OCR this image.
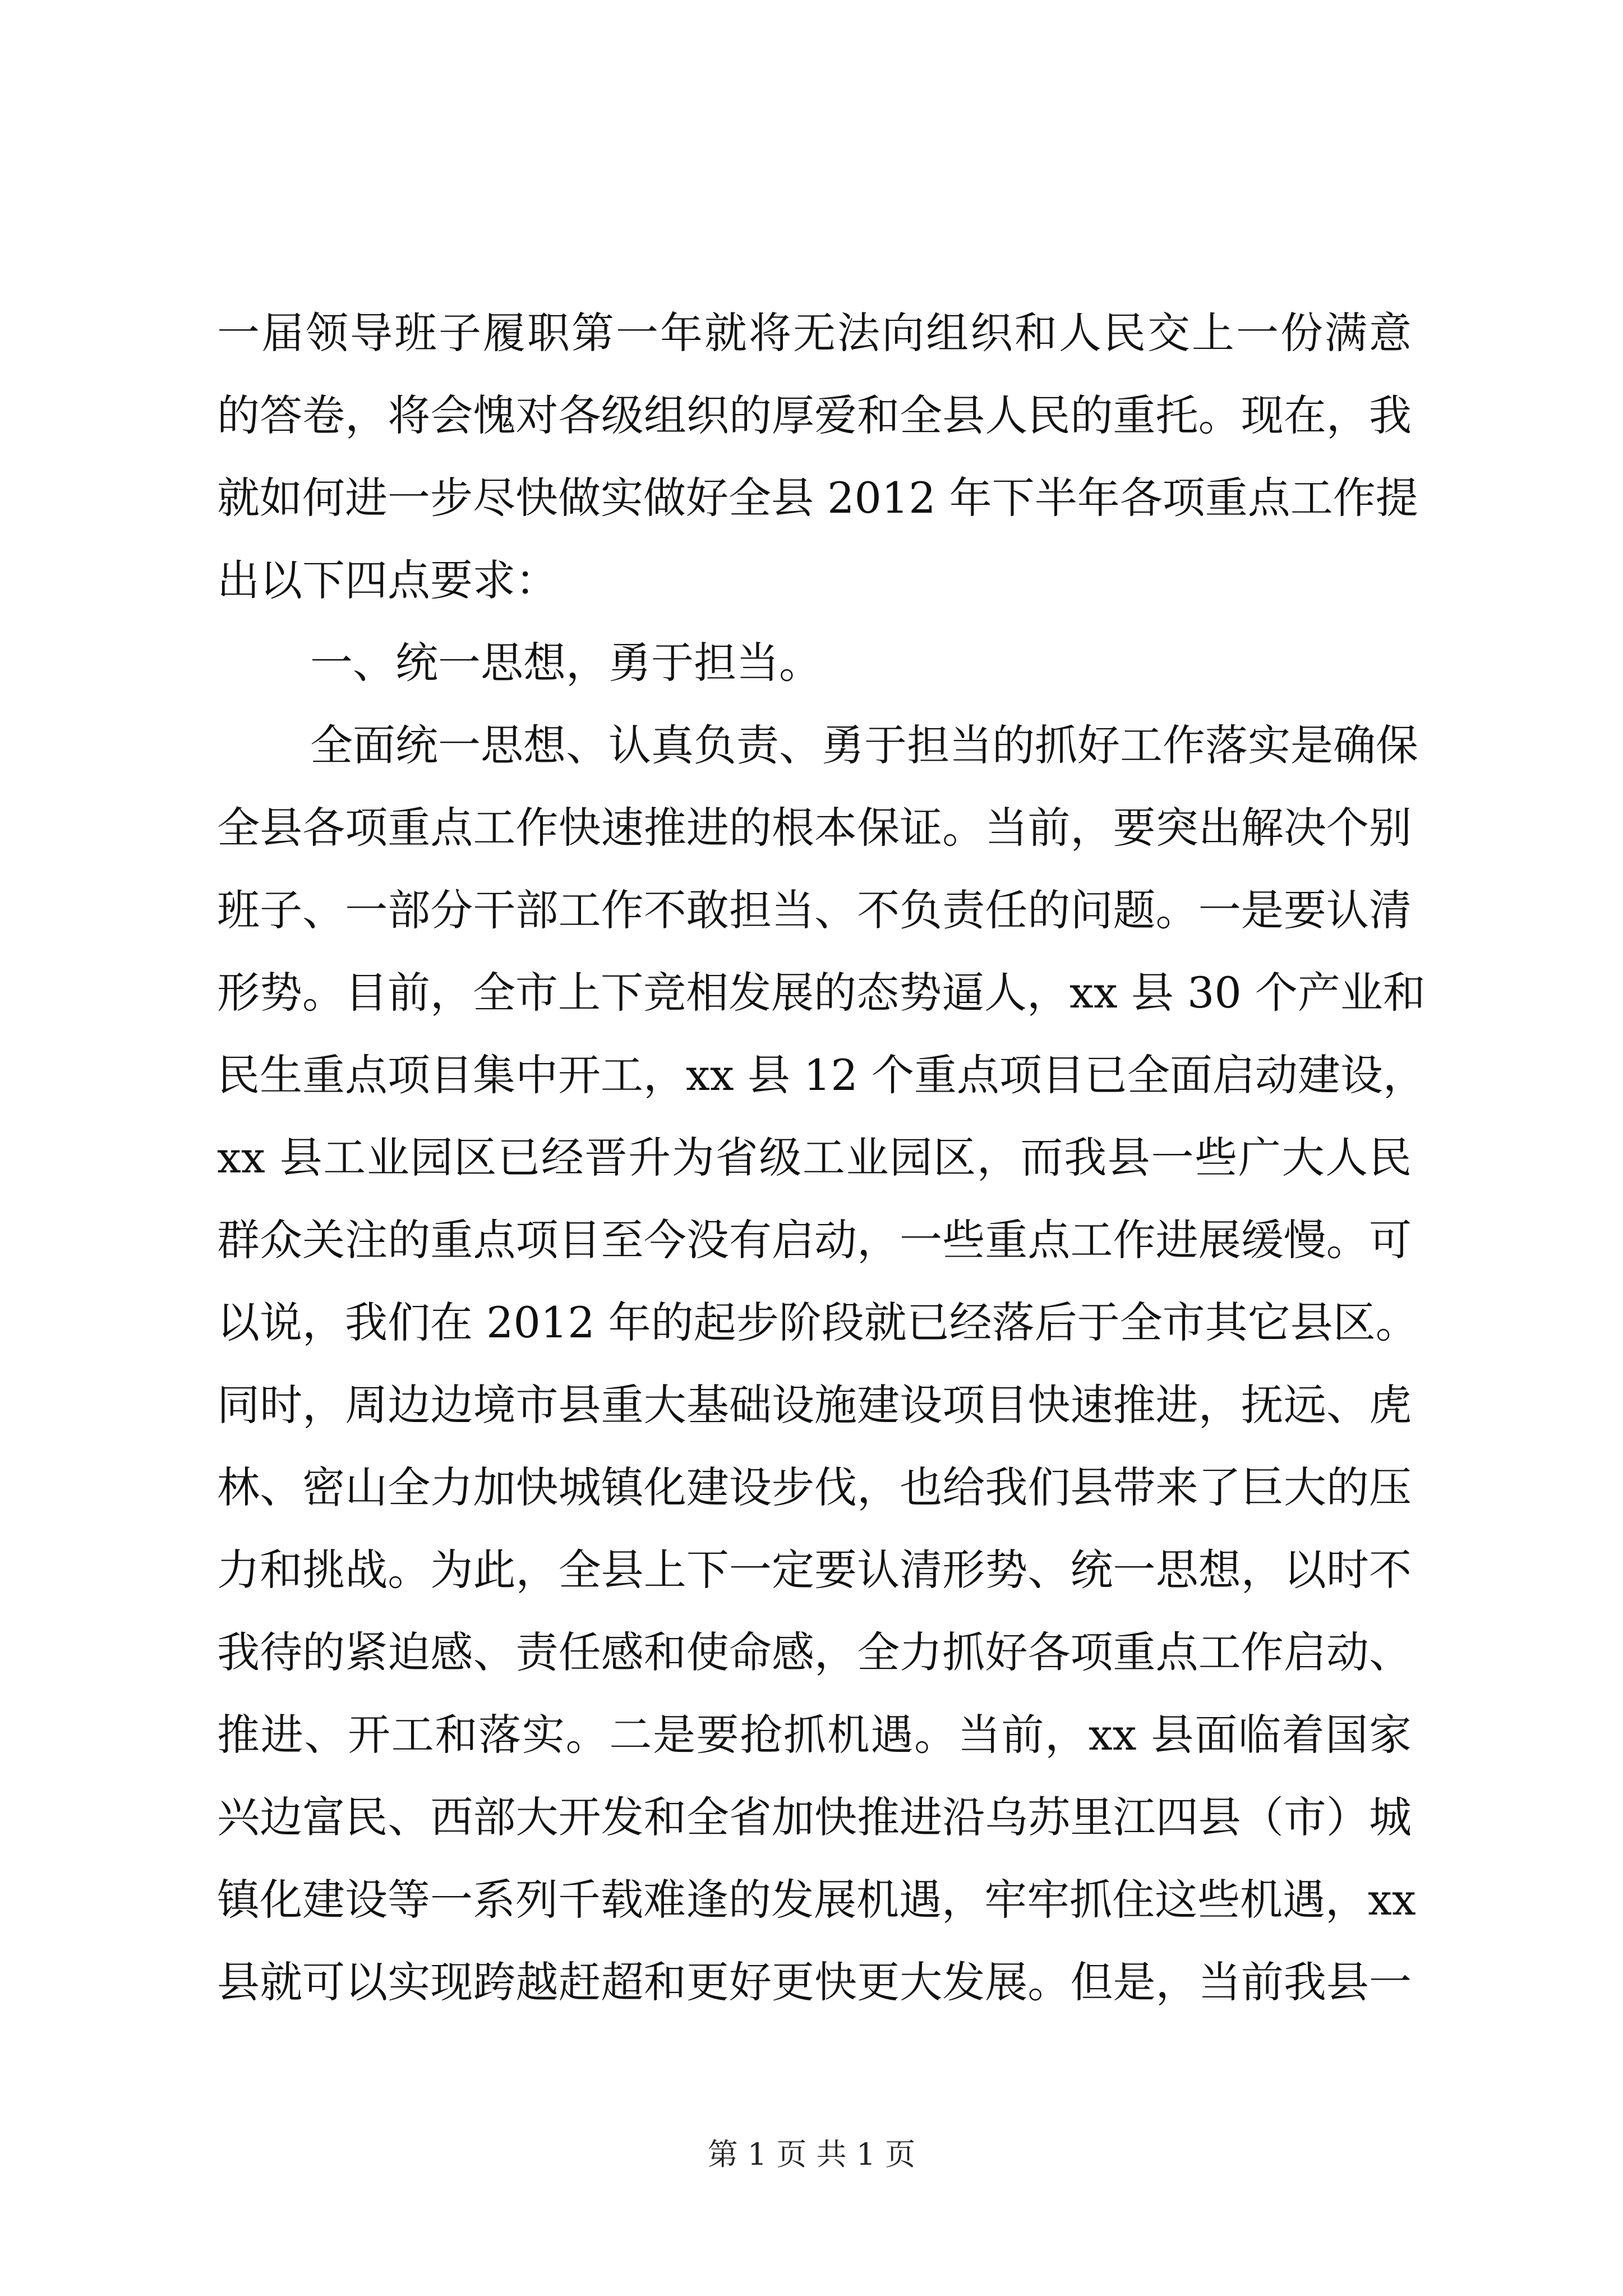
一届领导班子履职第一年就将无法向组织和人民交上一份满意
的答卷，将会愧对各级组织的厚爱和全县人民的重托。现在，我
就如何进一步尽快做实做好全县 2012 年下半年各项重点工作提
出以下四点要求：
一、统一思想，勇于担当。
全面统一思想、认真负责、勇于担当的抓好工作落实是确保
全县各项重点工作快速推进的根本保证。当前，要突出解决个别
班子、一部分干部工作不敢担当、不负责任的问题。一是要认清
形势。目前，全市上下竞相发展的态势逼人，xx 县 30 个产业和
民生重点项目集中开工，xx 县 12 个重点项目已全面启动建设，
xx 县工业园区已经晋升为省级工业园区，而我县一些广大人民
群众关注的重点项目至今没有启动，一些重点工作进展缓慢。可
以说，我们在 2012 年的起步阶段就已经落后于全市其它县区。
同时，周边边境市县重大基础设施建设项目快速推进，抚远、虎
林、密山全力加快城镇化建设步伐，也给我们县带来了巨大的压
力和挑战。为此，全县上下一定要认清形势、统一思想，以时不
我待的紧迫感、责任感和使命感，全力抓好各项重点工作启动、
推进、开工和落实。二是要抢抓机遇。当前，xx 县面临着国家
兴边富民、西部大开发和全省加快推进沿乌苏里江四县（市）城
镇化建设等一系列千载难逢的发展机遇，牢牢抓住这些机遇，xx
县就可以实现跨越赶超和更好更快更大发展。但是，当前我县一
第 1 页 共 1 页
